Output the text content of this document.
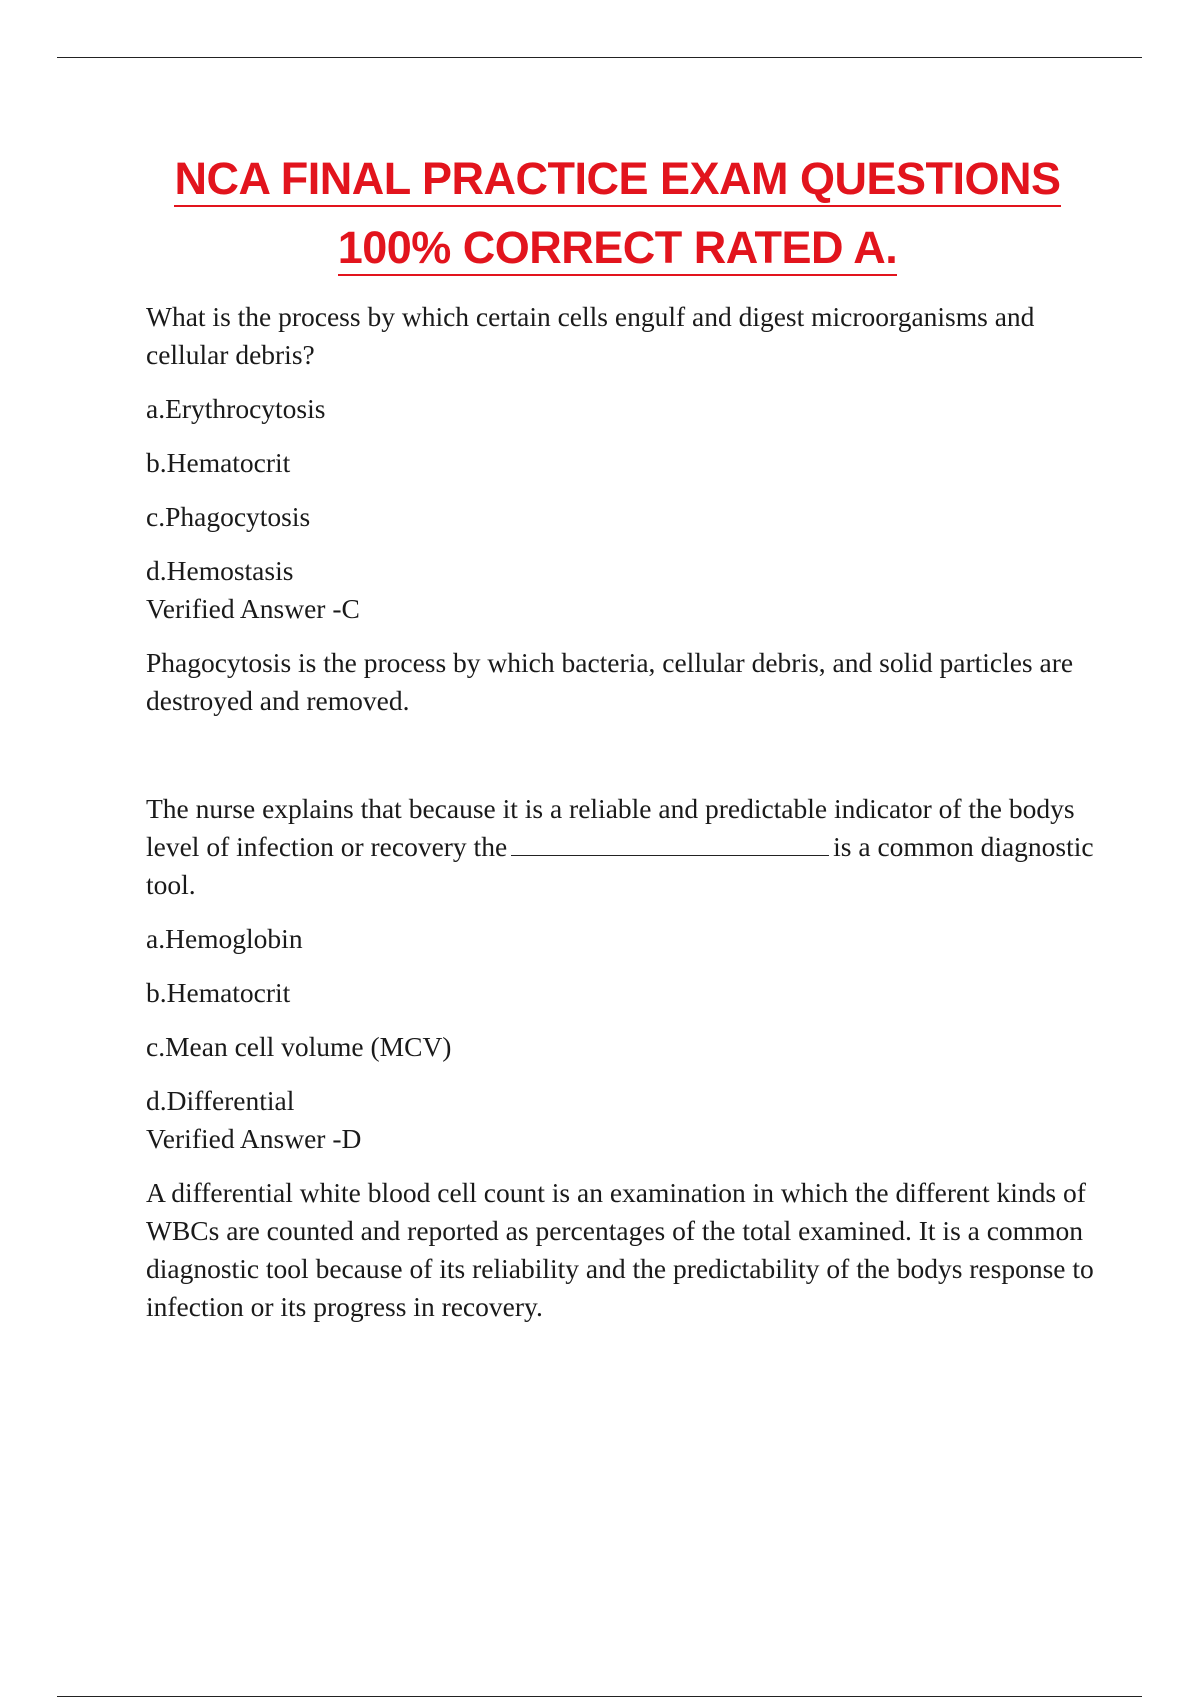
NCA FINAL PRACTICE EXAM QUESTIONS
100% CORRECT RATED A.

What is the process by which certain cells engulf and digest microorganisms and cellular debris?

a.Erythrocytosis

b.Hematocrit

c.Phagocytosis

d.Hemostasis

Verified Answer -C

Phagocytosis is the process by which bacteria, cellular debris, and solid particles are destroyed and removed.

The nurse explains that because it is a reliable and predictable indicator of the bodys level of infection or recovery the	is a common diagnostic tool.

a.Hemoglobin

b.Hematocrit

c.Mean cell volume (MCV)

d.Differential

Verified Answer -D

A differential white blood cell count is an examination in which the different kinds of WBCs are counted and reported as percentages of the total examined. It is a common diagnostic tool because of its reliability and the predictability of the bodys response to infection or its progress in recovery.
